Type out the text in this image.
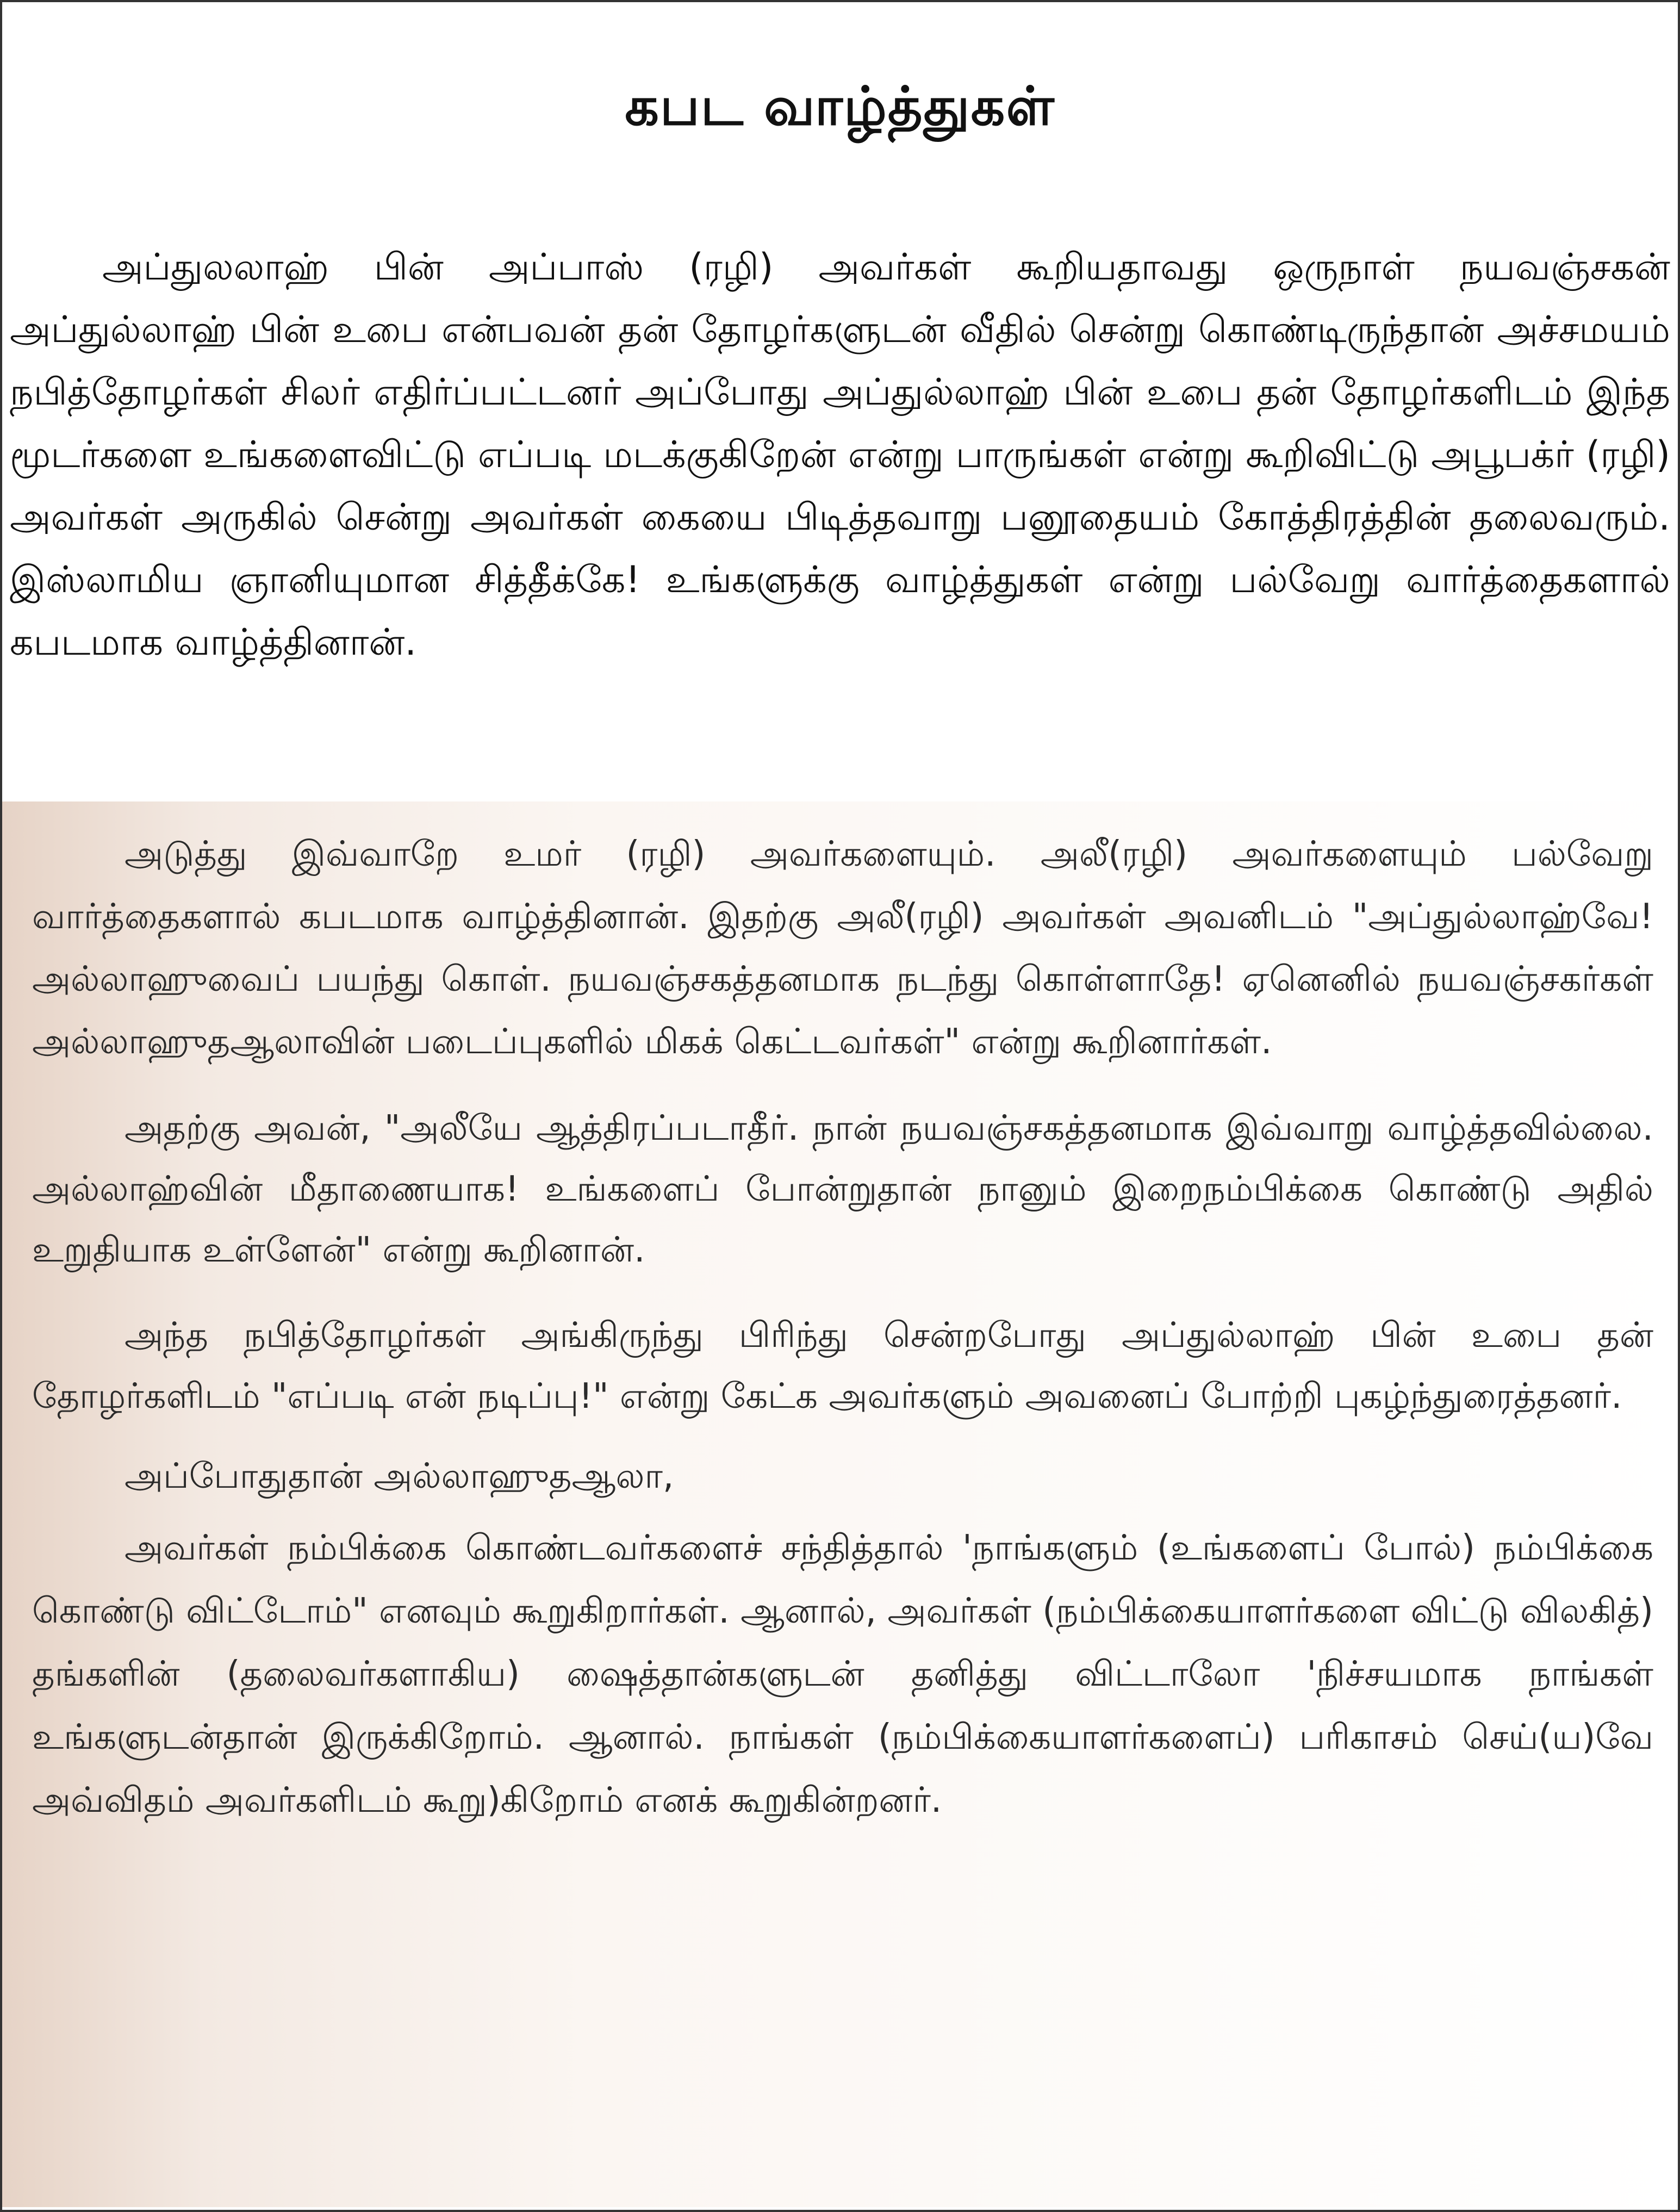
கபட வாழ்த்துகள்

அப்துலலாஹ் பின் அப்பாஸ் (ரழி) அவர்கள் கூறியதாவது ஒருநாள் நயவஞ்சகன் அப்துல்லாஹ் பின் உபை என்பவன் தன் தோழர்களுடன் வீதில் சென்று கொண்டிருந்தான் அச்சமயம் நபித்தோழர்கள் சிலர் எதிர்ப்பட்டனர் அப்போது அப்துல்லாஹ் பின் உபை தன் தோழர்களிடம் இந்த மூடர்களை உங்களைவிட்டு எப்படி மடக்குகிறேன் என்று பாருங்கள் என்று கூறிவிட்டு அபூபக்ர் (ரழி) அவர்கள் அருகில் சென்று அவர்கள் கையை பிடித்தவாறு பனூதையம் கோத்திரத்தின் தலைவரும். இஸ்லாமிய ஞானியுமான சித்தீக்கே! உங்களுக்கு வாழ்த்துகள் என்று பல்வேறு வார்த்தைகளால் கபடமாக வாழ்த்தினான்.

அடுத்து இவ்வாறே உமர் (ரழி) அவர்களையும். அலீ(ரழி) அவர்களையும் பல்வேறு வார்த்தைகளால் கபடமாக வாழ்த்தினான். இதற்கு அலீ(ரழி) அவர்கள் அவனிடம் "அப்துல்லாஹ்வே! அல்லாஹுவைப் பயந்து கொள். நயவஞ்சகத்தனமாக நடந்து கொள்ளாதே! ஏனெனில் நயவஞ்சகர்கள் அல்லாஹுதஆலாவின் படைப்புகளில் மிகக் கெட்டவர்கள்" என்று கூறினார்கள்.

அதற்கு அவன், "அலீயே ஆத்திரப்படாதீர். நான் நயவஞ்சகத்தனமாக இவ்வாறு வாழ்த்தவில்லை. அல்லாஹ்வின் மீதாணையாக! உங்களைப் போன்றுதான் நானும் இறைநம்பிக்கை கொண்டு அதில் உறுதியாக உள்ளேன்" என்று கூறினான்.

அந்த நபித்தோழர்கள் அங்கிருந்து பிரிந்து சென்றபோது அப்துல்லாஹ் பின் உபை தன் தோழர்களிடம் "எப்படி என் நடிப்பு!" என்று கேட்க அவர்களும் அவனைப் போற்றி புகழ்ந்துரைத்தனர்.

அப்போதுதான் அல்லாஹுதஆலா,

அவர்கள் நம்பிக்கை கொண்டவர்களைச் சந்தித்தால் 'நாங்களும் (உங்களைப் போல்) நம்பிக்கை கொண்டு விட்டோம்" எனவும் கூறுகிறார்கள். ஆனால், அவர்கள் (நம்பிக்கையாளர்களை விட்டு விலகித்) தங்களின் (தலைவர்களாகிய) ஷைத்தான்களுடன் தனித்து விட்டாலோ 'நிச்சயமாக நாங்கள் உங்களுடன்தான் இருக்கிறோம். ஆனால். நாங்கள் (நம்பிக்கையாளர்களைப்) பரிகாசம் செய்(ய)வே அவ்விதம் அவர்களிடம் கூறு)கிறோம் எனக் கூறுகின்றனர்.
